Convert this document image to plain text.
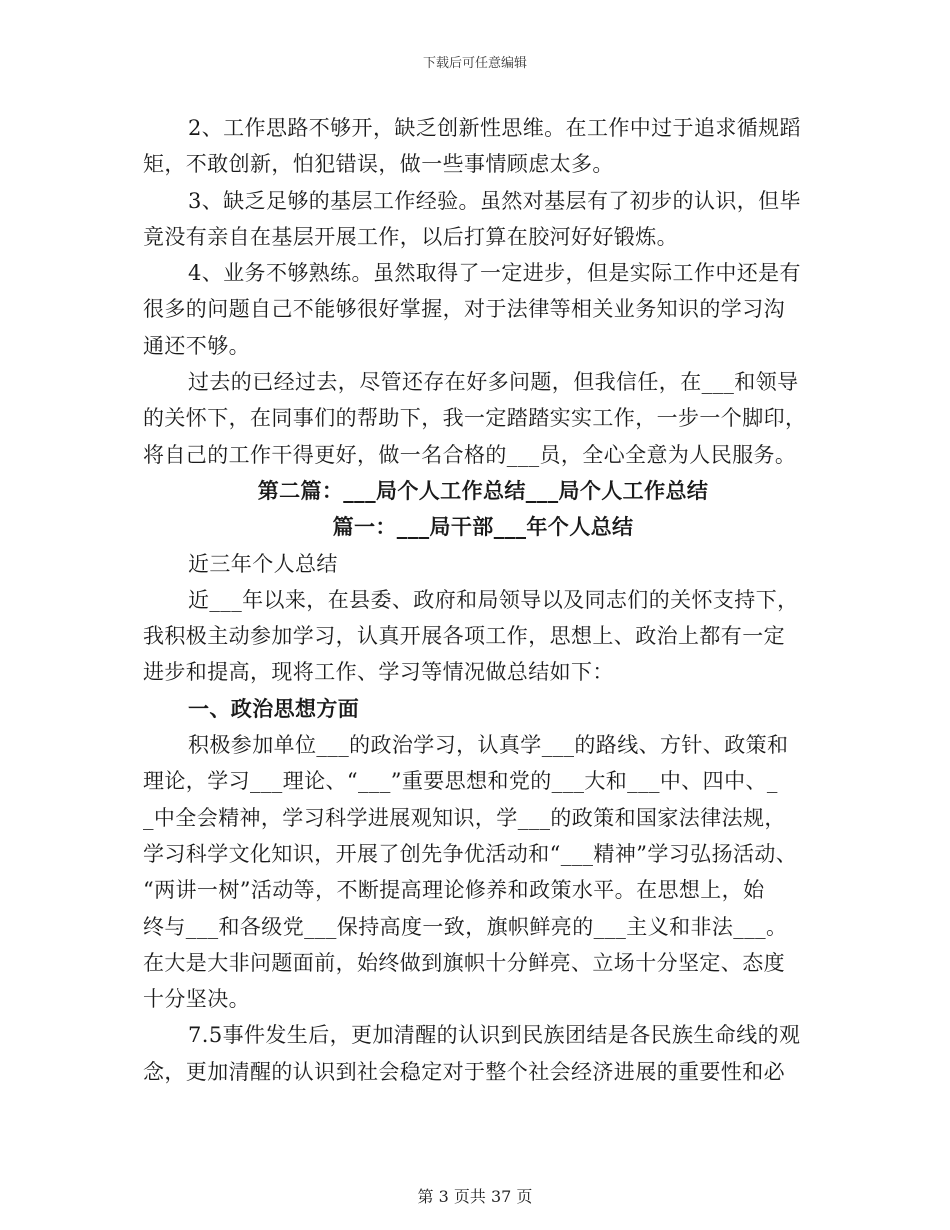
下载后可任意编辑
2、工作思路不够开，缺乏创新性思维。在工作中过于追求循规蹈
矩，不敢创新，怕犯错误，做一些事情顾虑太多。
3、缺乏足够的基层工作经验。虽然对基层有了初步的认识，但毕
竟没有亲自在基层开展工作，以后打算在胶河好好锻炼。
4、业务不够熟练。虽然取得了一定进步，但是实际工作中还是有
很多的问题自己不能够很好掌握，对于法律等相关业务知识的学习沟
通还不够。
过去的已经过去，尽管还存在好多问题，但我信任，在___和领导
的关怀下，在同事们的帮助下，我一定踏踏实实工作，一步一个脚印，
将自己的工作干得更好，做一名合格的___员，全心全意为人民服务。
第二篇：___局个人工作总结___局个人工作总结
篇一：___局干部___年个人总结
近三年个人总结
近___年以来，在县委、政府和局领导以及同志们的关怀支持下，
我积极主动参加学习，认真开展各项工作，思想上、政治上都有一定
进步和提高，现将工作、学习等情况做总结如下：
一、政治思想方面
积极参加单位___的政治学习，认真学___的路线、方针、政策和
理论，学习___理论、“___”重要思想和党的___大和___中、四中、_
_中全会精神，学习科学进展观知识，学___的政策和国家法律法规，
学习科学文化知识，开展了创先争优活动和“___精神”学习弘扬活动、
“两讲一树”活动等，不断提高理论修养和政策水平。在思想上，始
终与___和各级党___保持高度一致，旗帜鲜亮的___主义和非法___。
在大是大非问题面前，始终做到旗帜十分鲜亮、立场十分坚定、态度
十分坚决。
7.5事件发生后，更加清醒的认识到民族团结是各民族生命线的观
念，更加清醒的认识到社会稳定对于整个社会经济进展的重要性和必
第 3 页共 37 页
